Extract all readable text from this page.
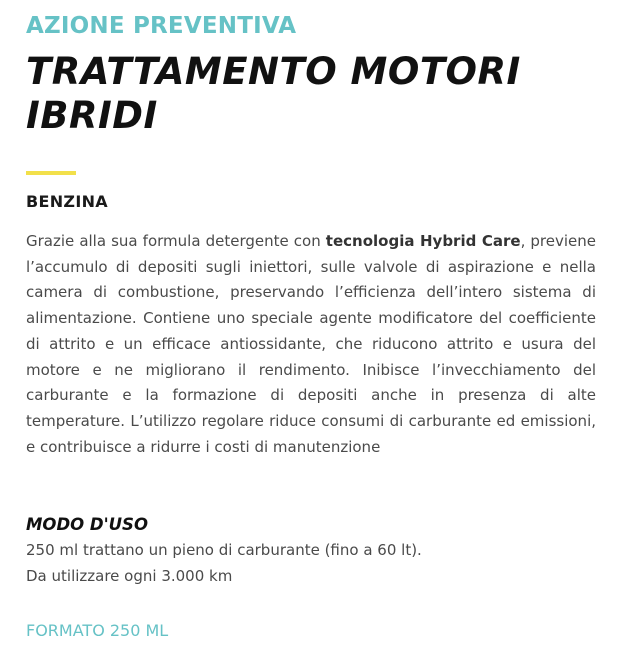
AZIONE PREVENTIVA
TRATTAMENTO MOTORI IBRIDI
BENZINA

Grazie alla sua formula detergente con tecnologia Hybrid Care, previene l’accumulo di depositi sugli iniettori, sulle valvole di aspirazione e nella camera di combustione, preservando l’efficienza dell’intero sistema di alimentazione. Contiene uno speciale agente modificatore del coefficiente di attrito e un efficace antiossidante, che riducono attrito e usura del motore e ne migliorano il rendimento. Inibisce l’invecchiamento del carburante e la formazione di depositi anche in presenza di alte temperature. L’utilizzo regolare riduce consumi di carburante ed emissioni, e contribuisce a ridurre i costi di manutenzione

MODO D'USO
250 ml trattano un pieno di carburante (fino a 60 lt).
Da utilizzare ogni 3.000 km
FORMATO 250 ML
